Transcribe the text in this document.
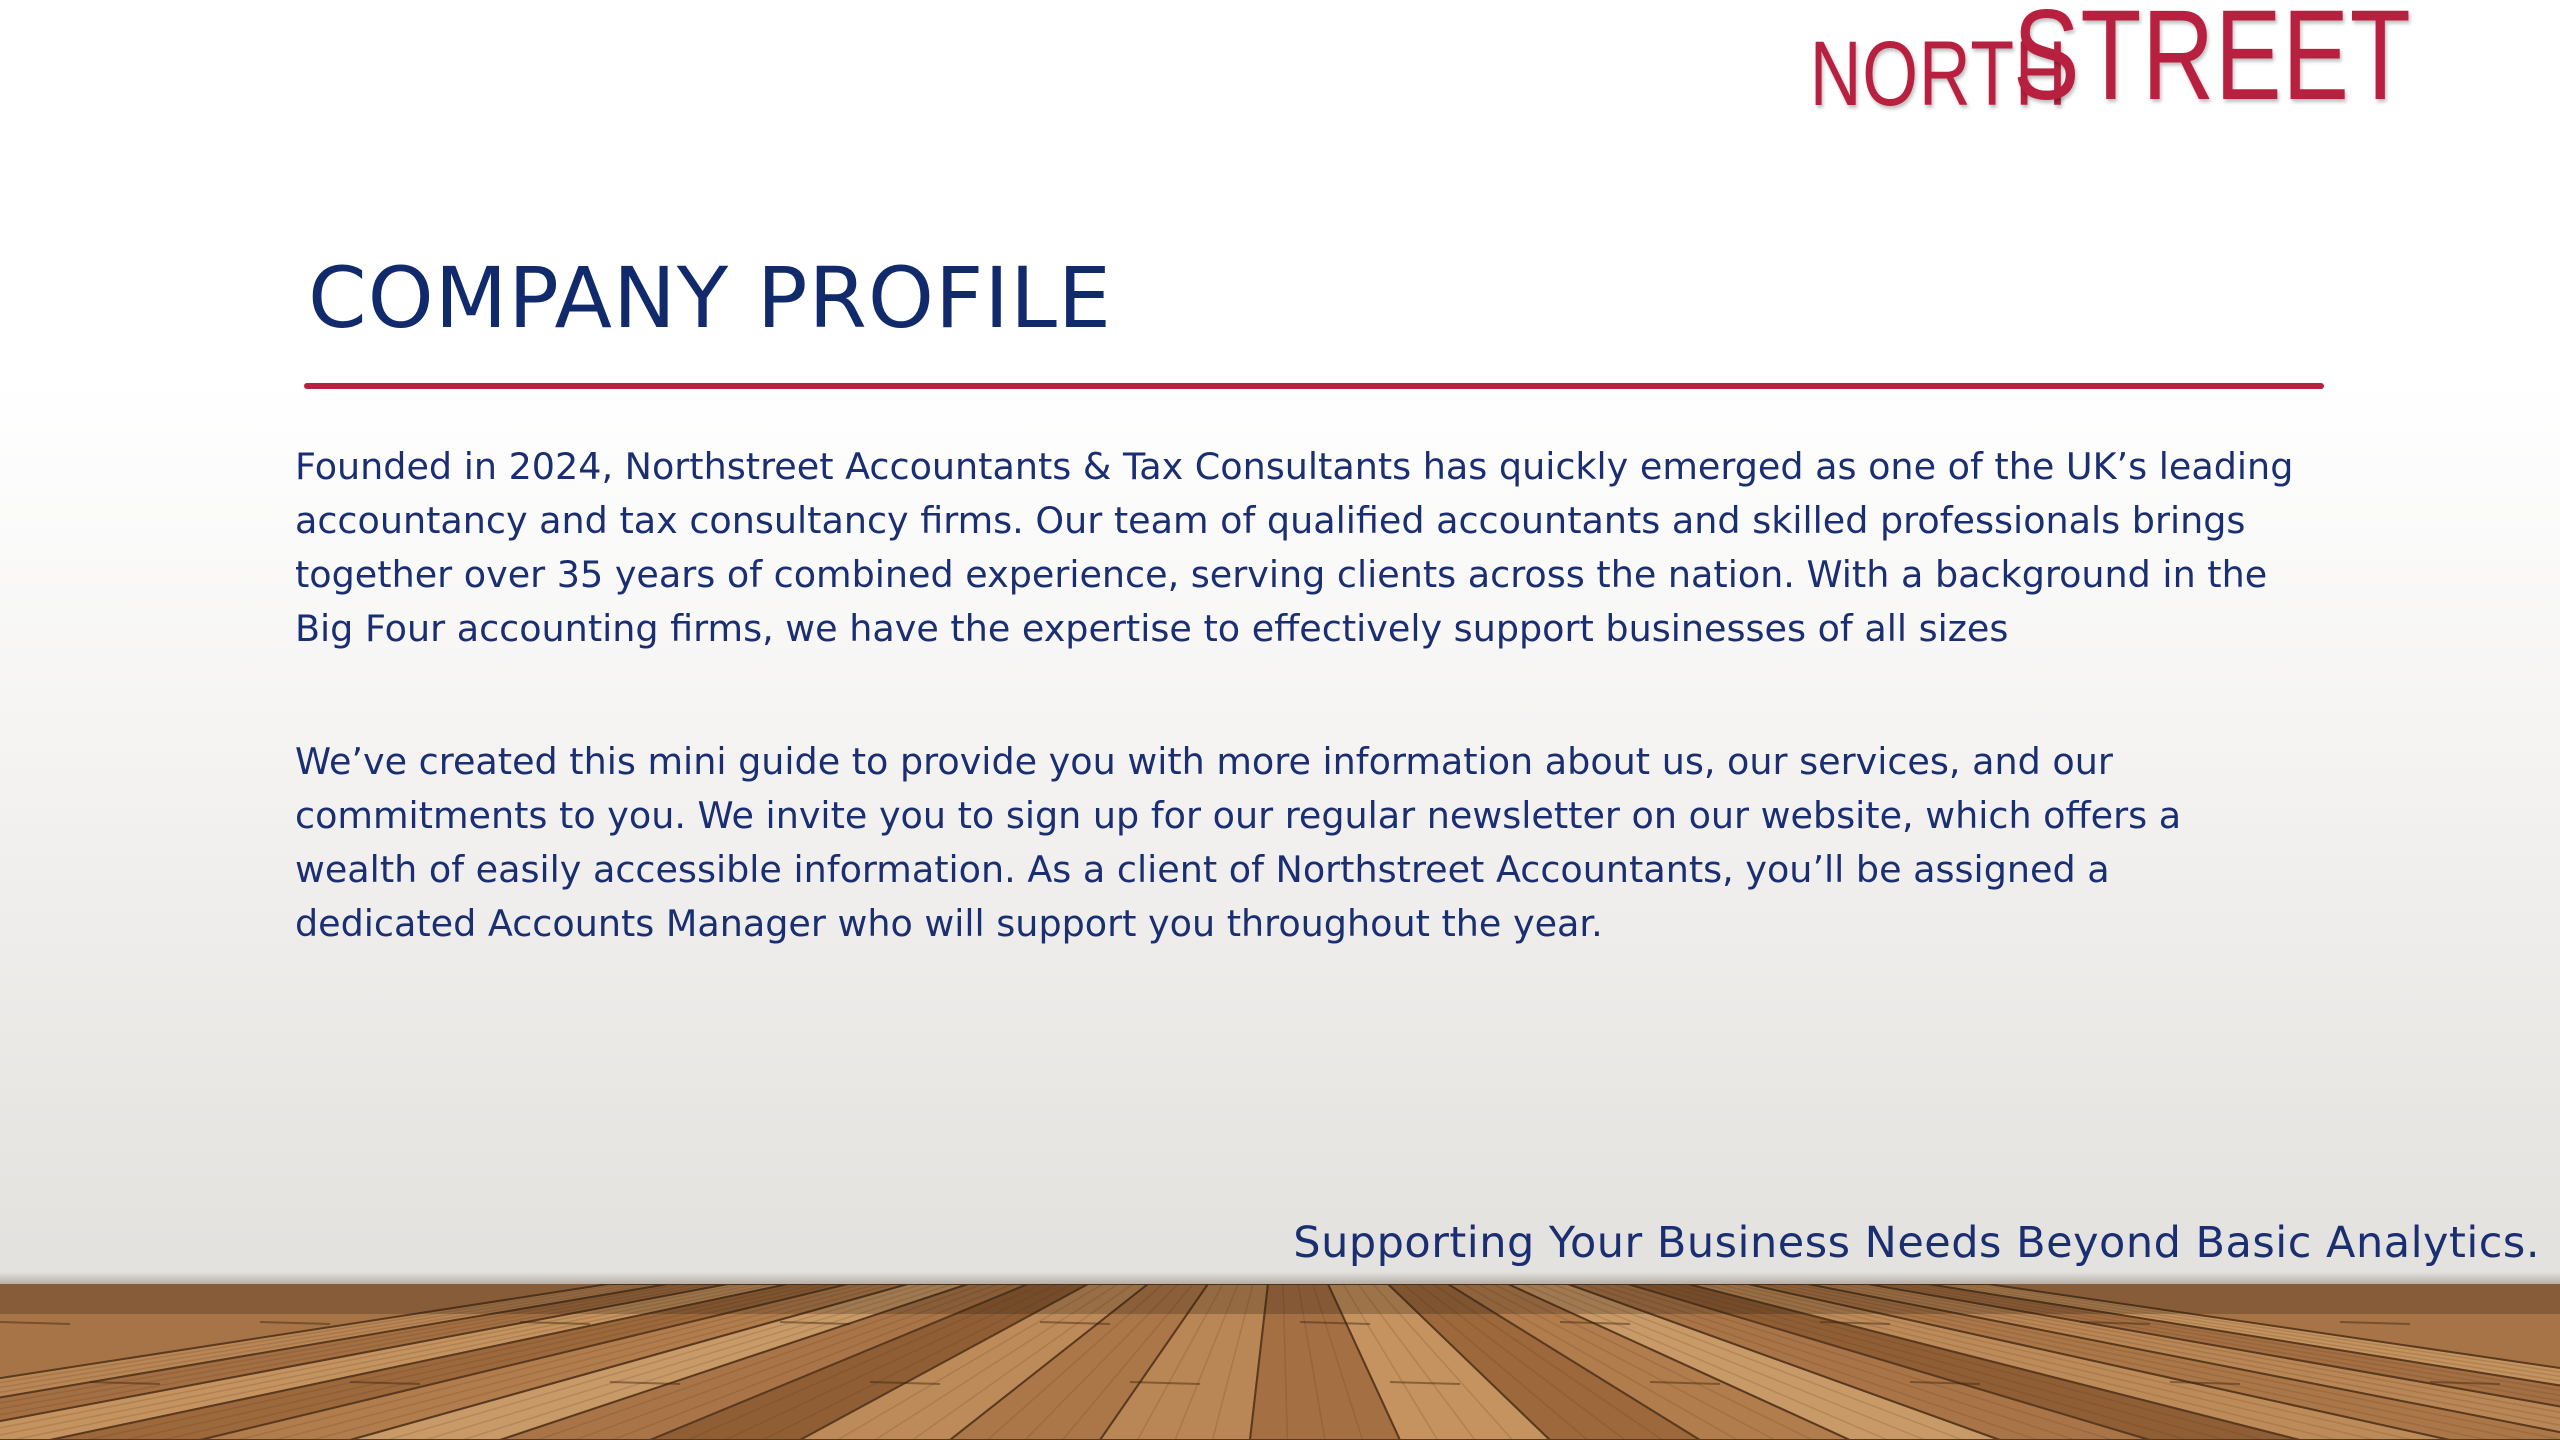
NORTH
STREET
COMPANY PROFILE

Founded in 2024, Northstreet Accountants & Tax Consultants has quickly emerged as one of the UK’s leading accountancy and tax consultancy firms. Our team of qualified accountants and skilled professionals brings together over 35 years of combined experience, serving clients across the nation. With a background in the Big Four accounting firms, we have the expertise to effectively support businesses of all sizes

We’ve created this mini guide to provide you with more information about us, our services, and our commitments to you. We invite you to sign up for our regular newsletter on our website, which offers a wealth of easily accessible information. As a client of Northstreet Accountants, you’ll be assigned a dedicated Accounts Manager who will support you throughout the year.

Supporting Your Business Needs Beyond Basic Analytics.
